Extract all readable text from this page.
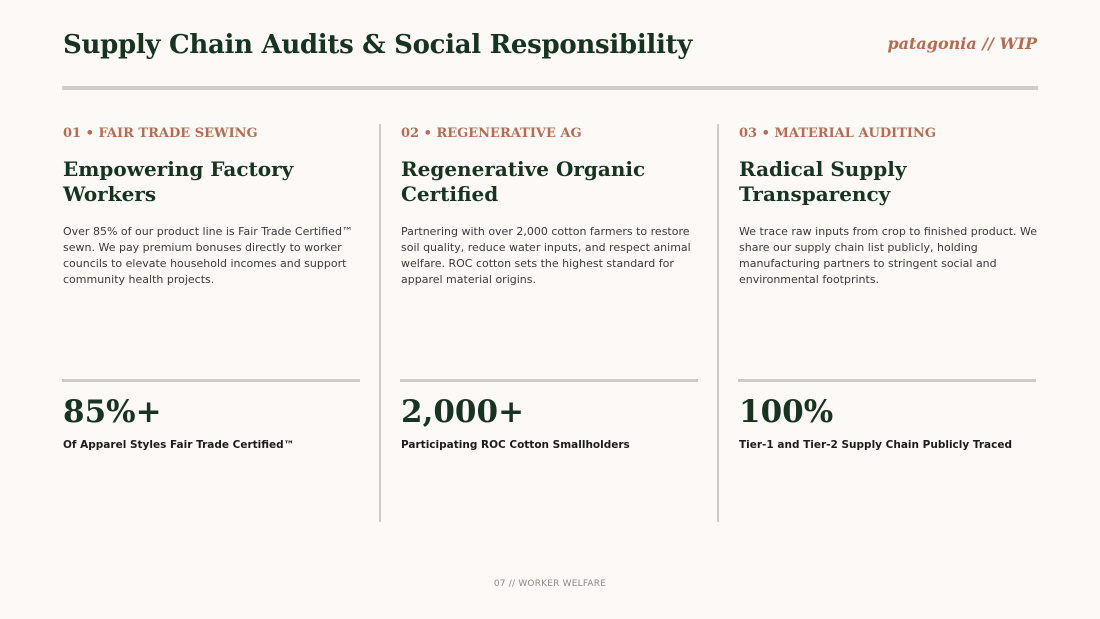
Supply Chain Audits & Social Responsibility	patagonia // WIP
01 • FAIR TRADE SEWING
Empowering Factory Workers

Over 85% of our product line is Fair Trade Certified™ sewn. We pay premium bonuses directly to worker councils to elevate household incomes and support community health projects.

85%+
Of Apparel Styles Fair Trade Certified™
02 • REGENERATIVE AG
Regenerative Organic Certified

Partnering with over 2,000 cotton farmers to restore soil quality, reduce water inputs, and respect animal welfare. ROC cotton sets the highest standard for apparel material origins.

2,000+
Participating ROC Cotton Smallholders
03 • MATERIAL AUDITING
Radical Supply Transparency

We trace raw inputs from crop to finished product. We share our supply chain list publicly, holding manufacturing partners to stringent social and environmental footprints.

100%
Tier-1 and Tier-2 Supply Chain Publicly Traced
07 // WORKER WELFARE
